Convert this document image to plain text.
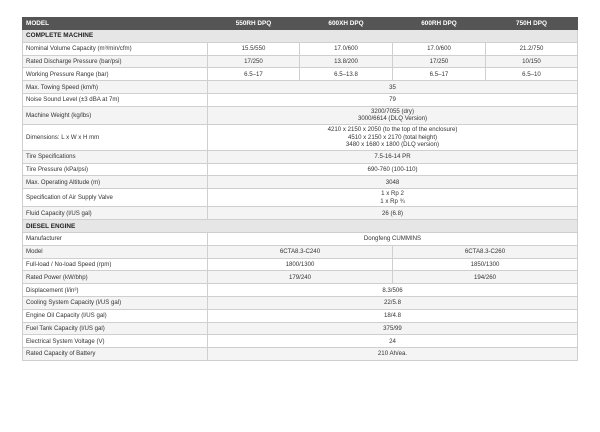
MODEL	550RH DPQ	600XH DPQ	600RH DPQ	750H DPQ
COMPLETE MACHINE				
Nominal Volume Capacity (m³/min/cfm)	15.5/550	17.0/600	17.0/600	21.2/750
Rated Discharge Pressure (bar/psi)	17/250	13.8/200	17/250	10/150
Working Pressure Range (bar)	6.5–17	6.5–13.8	6.5–17	6.5–10
Max. Towing Speed (km/h)	35			
Noise Sound Level (±3 dBA at 7m)	79			
Machine Weight (kg/lbs)	3200/7055 (dry)
3000/6614 (DLQ Version)			

Dimensions: L x W x H mm	4210 x 2150 x 2050 (to the top of the enclosure)
4510 x 2150 x 2170 (total height)
3480 x 1680 x 1800 (DLQ version)			

Tire Specifications	7.5-16-14 PR			
Tire Pressure (kPa/psi)	690-760 (100-110)			
Max. Operating Altitude (m)	3048			
Specification of Air Supply Valve	1 x Rp 2
1 x Rp ¾			

Fluid Capacity (l/US gal)	26 (6.8)			
DIESEL ENGINE				
Manufacturer	Dongfeng CUMMINS			
Model	6CTA8.3-C240		6CTA8.3-C260	
Full-load / No-load Speed (rpm)	1800/1300		1850/1300	
Rated Power (kW/bhp)	179/240		194/260	
Displacement (l/in³)	8.3/506			
Cooling System Capacity (l/US gal)	22/5.8			
Engine Oil Capacity (l/US gal)	18/4.8			
Fuel Tank Capacity (l/US gal)	375/99			
Electrical System Voltage (V)	24			
Rated Capacity of Battery	210 Ah/ea.			
